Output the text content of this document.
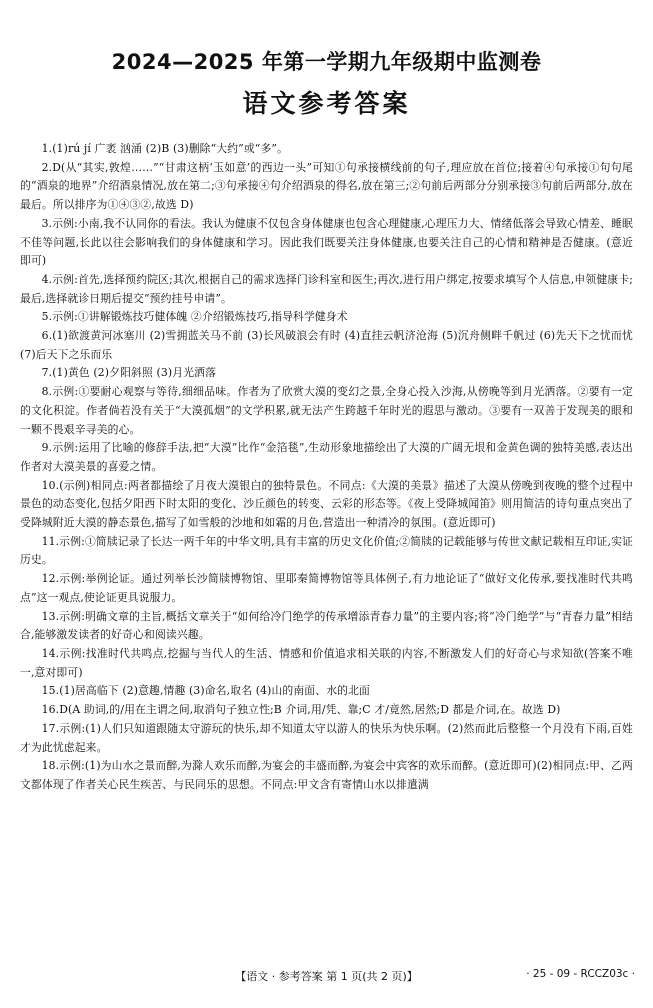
2024—2025 年第一学期九年级期中监测卷
语文参考答案

1.(1)rú jí 广袤 汹涌 (2)B (3)删除“大约”或“多”。

2.D(从“其实,敦煌……”“甘肃这柄‘玉如意’的西边一头”可知①句承接横线前的句子,理应放在首位;接着④句承接①句句尾的“酒泉的地界”介绍酒泉情况,放在第二;③句承接④句介绍酒泉的得名,放在第三;②句前后两部分分别承接③句前后两部分,放在最后。所以排序为①④③②,故选 D)

3.示例:小南,我不认同你的看法。我认为健康不仅包含身体健康也包含心理健康,心理压力大、情绪低落会导致心情差、睡眠不佳等问题,长此以往会影响我们的身体健康和学习。因此我们既要关注身体健康,也要关注自己的心情和精神是否健康。(意近即可)

4.示例:首先,选择预约院区;其次,根据自己的需求选择门诊科室和医生;再次,进行用户绑定,按要求填写个人信息,申领健康卡;最后,选择就诊日期后提交“预约挂号申请”。

5.示例:①讲解锻炼技巧健体魄 ②介绍锻炼技巧,指导科学健身术

6.(1)欲渡黄河冰塞川 (2)雪拥蓝关马不前 (3)长风破浪会有时 (4)直挂云帆济沧海 (5)沉舟侧畔千帆过 (6)先天下之忧而忧 (7)后天下之乐而乐

7.(1)黄色 (2)夕阳斜照 (3)月光洒落

8.示例:①要耐心观察与等待,细细品味。作者为了欣赏大漠的变幻之景,全身心投入沙海,从傍晚等到月光洒落。②要有一定的文化积淀。作者倘若没有关于“大漠孤烟”的文学积累,就无法产生跨越千年时光的遐思与激动。③要有一双善于发现美的眼和一颗不畏艰辛寻美的心。

9.示例:运用了比喻的修辞手法,把“大漠”比作“金箔毯”,生动形象地描绘出了大漠的广阔无垠和金黄色调的独特美感,表达出作者对大漠美景的喜爱之情。

10.(示例)相同点:两者都描绘了月夜大漠银白的独特景色。不同点:《大漠的美景》描述了大漠从傍晚到夜晚的整个过程中景色的动态变化,包括夕阳西下时太阳的变化、沙丘颜色的转变、云彩的形态等。《夜上受降城闻笛》则用简洁的诗句重点突出了受降城附近大漠的静态景色,描写了如雪般的沙地和如霜的月色,营造出一种清冷的氛围。(意近即可)

11.示例:①简牍记录了长达一两千年的中华文明,具有丰富的历史文化价值;②简牍的记载能够与传世文献记载相互印证,实证历史。

12.示例:举例论证。通过列举长沙简牍博物馆、里耶秦简博物馆等具体例子,有力地论证了“做好文化传承,要找准时代共鸣点”这一观点,使论证更具说服力。

13.示例:明确文章的主旨,概括文章关于“如何给冷门绝学的传承增添青春力量”的主要内容;将“冷门绝学”与“青春力量”相结合,能够激发读者的好奇心和阅读兴趣。

14.示例:找准时代共鸣点,挖掘与当代人的生活、情感和价值追求相关联的内容,不断激发人们的好奇心与求知欲(答案不唯一,意对即可)

15.(1)居高临下 (2)意趣,情趣 (3)命名,取名 (4)山的南面、水的北面

16.D(A 助词,的/用在主谓之间,取消句子独立性;B 介词,用/凭、靠;C 才/竟然,居然;D 都是介词,在。故选 D)

17.示例:(1)人们只知道跟随太守游玩的快乐,却不知道太守以游人的快乐为快乐啊。(2)然而此后整整一个月没有下雨,百姓才为此忧虑起来。

18.示例:(1)为山水之景而醉,为滁人欢乐而醉,为宴会的丰盛而醉,为宴会中宾客的欢乐而醉。(意近即可)(2)相同点:甲、乙两文都体现了作者关心民生疾苦、与民同乐的思想。不同点:甲文含有寄情山水以排遣满

【语文 · 参考答案 第 1 页(共 2 页)】	· 25 - 09 - RCCZ03c ·
